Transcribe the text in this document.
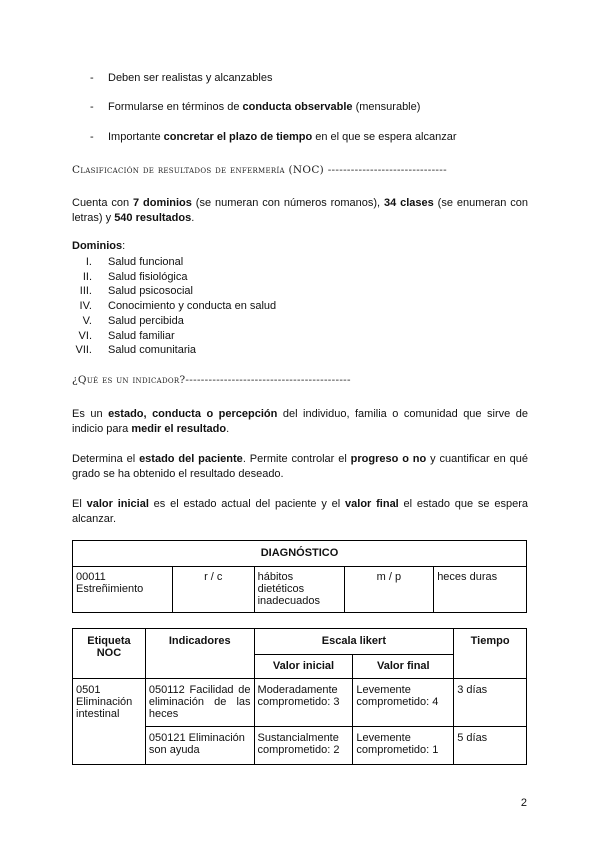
- Deben ser realistas y alcanzables
- Formularse en términos de conducta observable (mensurable)
- Importante concretar el plazo de tiempo en el que se espera alcanzar
Clasificación de resultados de enfermería (NOC) -------------------------------
Cuenta con 7 dominios (se numeran con números romanos), 34 clases (se enumeran con letras) y 540 resultados.
Dominios:
I. Salud funcional
II. Salud fisiológica
III. Salud psicosocial
IV. Conocimiento y conducta en salud
V. Salud percibida
VI. Salud familiar
VII. Salud comunitaria
¿Qué es un indicador?-------------------------------------------
Es un estado, conducta o percepción del individuo, familia o comunidad que sirve de indicio para medir el resultado.
Determina el estado del paciente. Permite controlar el progreso o no y cuantificar en qué grado se ha obtenido el resultado deseado.
El valor inicial es el estado actual del paciente y el valor final el estado que se espera alcanzar.
DIAGNÓSTICO

00011
Estreñimiento
	r / c	hábitos dietéticos inadecuados	m / p	heces duras
Etiqueta NOC	Indicadores	Escala likert		Tiempo
		Valor inicial	Valor final	
0501 Eliminación intestinal	050112 Facilidad de eliminación de las heces	Moderadamente comprometido: 3	Levemente comprometido: 4	3 días
	050121 Eliminación son ayuda	Sustancialmente comprometido: 2	Levemente comprometido: 1	5 días
2
